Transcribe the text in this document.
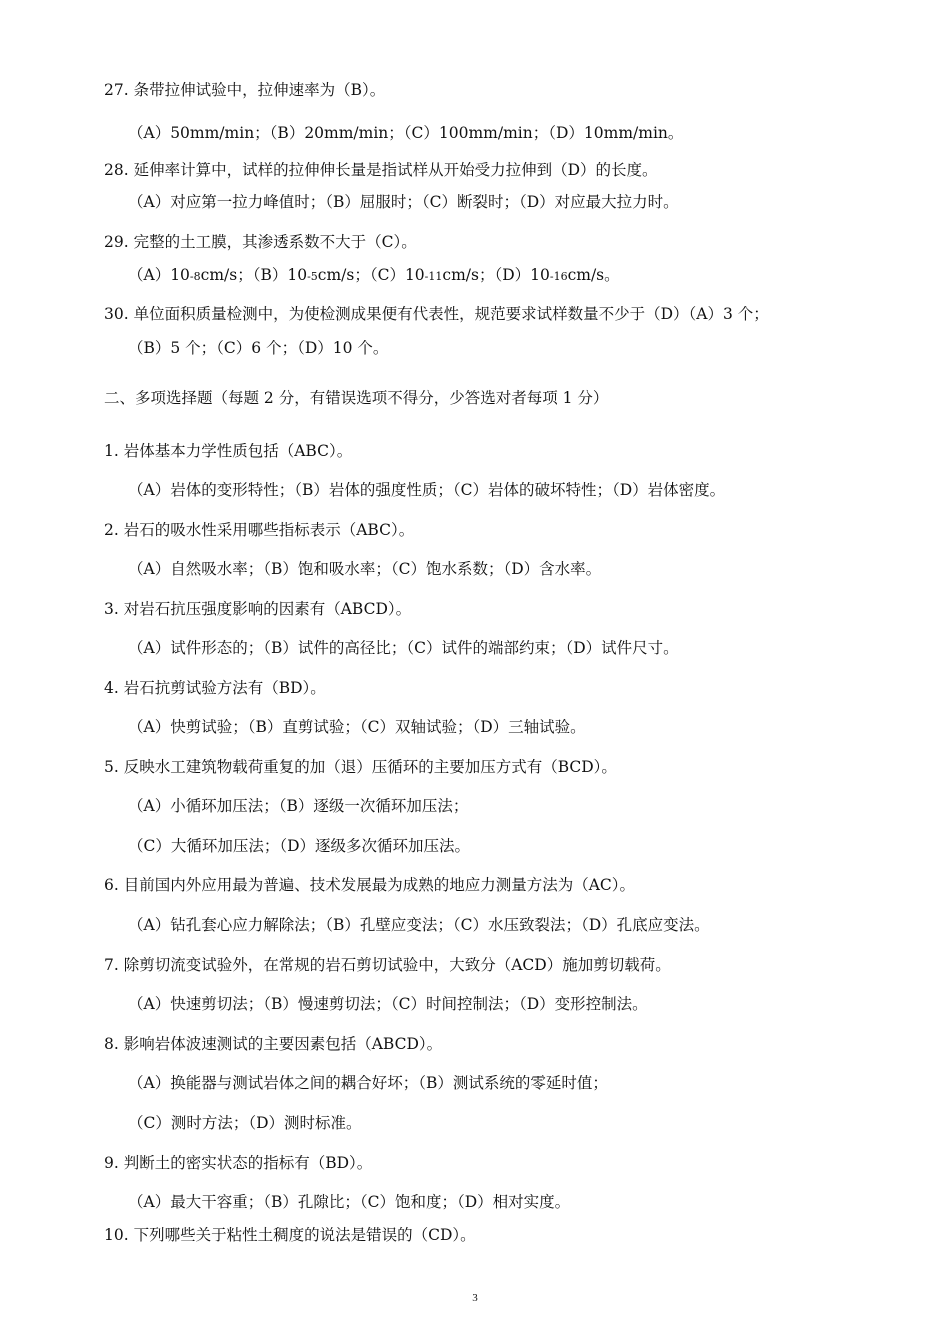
27. 条带拉伸试验中，拉伸速率为（B）。
（A）50mm/min；（B）20mm/min；（C）100mm/min；（D）10mm/min。
28. 延伸率计算中，试样的拉伸伸长量是指试样从开始受力拉伸到（D）的长度。
（A）对应第一拉力峰值时；（B）屈服时；（C）断裂时；（D）对应最大拉力时。
29. 完整的土工膜，其渗透系数不大于（C）。
（A）10-8cm/s；（B）10-5cm/s；（C）10-11cm/s；（D）10-16cm/s。
30. 单位面积质量检测中，为使检测成果便有代表性，规范要求试样数量不少于（D）（A）3 个；
（B）5 个；（C）6 个；（D）10 个。
二、多项选择题（每题 2 分，有错误选项不得分，少答选对者每项 1 分）
1. 岩体基本力学性质包括（ABC）。
（A）岩体的变形特性；（B）岩体的强度性质；（C）岩体的破坏特性；（D）岩体密度。
2. 岩石的吸水性采用哪些指标表示（ABC）。
（A）自然吸水率；（B）饱和吸水率；（C）饱水系数；（D）含水率。
3. 对岩石抗压强度影响的因素有（ABCD）。
（A）试件形态的；（B）试件的高径比；（C）试件的端部约束；（D）试件尺寸。
4. 岩石抗剪试验方法有（BD）。
（A）快剪试验；（B）直剪试验；（C）双轴试验；（D）三轴试验。
5. 反映水工建筑物载荷重复的加（退）压循环的主要加压方式有（BCD）。
（A）小循环加压法；（B）逐级一次循环加压法；
（C）大循环加压法；（D）逐级多次循环加压法。
6. 目前国内外应用最为普遍、技术发展最为成熟的地应力测量方法为（AC）。
（A）钻孔套心应力解除法；（B）孔壁应变法；（C）水压致裂法；（D）孔底应变法。
7. 除剪切流变试验外，在常规的岩石剪切试验中，大致分（ACD）施加剪切载荷。
（A）快速剪切法；（B）慢速剪切法；（C）时间控制法；（D）变形控制法。
8. 影响岩体波速测试的主要因素包括（ABCD）。
（A）换能器与测试岩体之间的耦合好坏；（B）测试系统的零延时值；
（C）测时方法；（D）测时标准。
9. 判断土的密实状态的指标有（BD）。
（A）最大干容重；（B）孔隙比；（C）饱和度；（D）相对实度。
10. 下列哪些关于粘性土稠度的说法是错误的（CD）。
3
